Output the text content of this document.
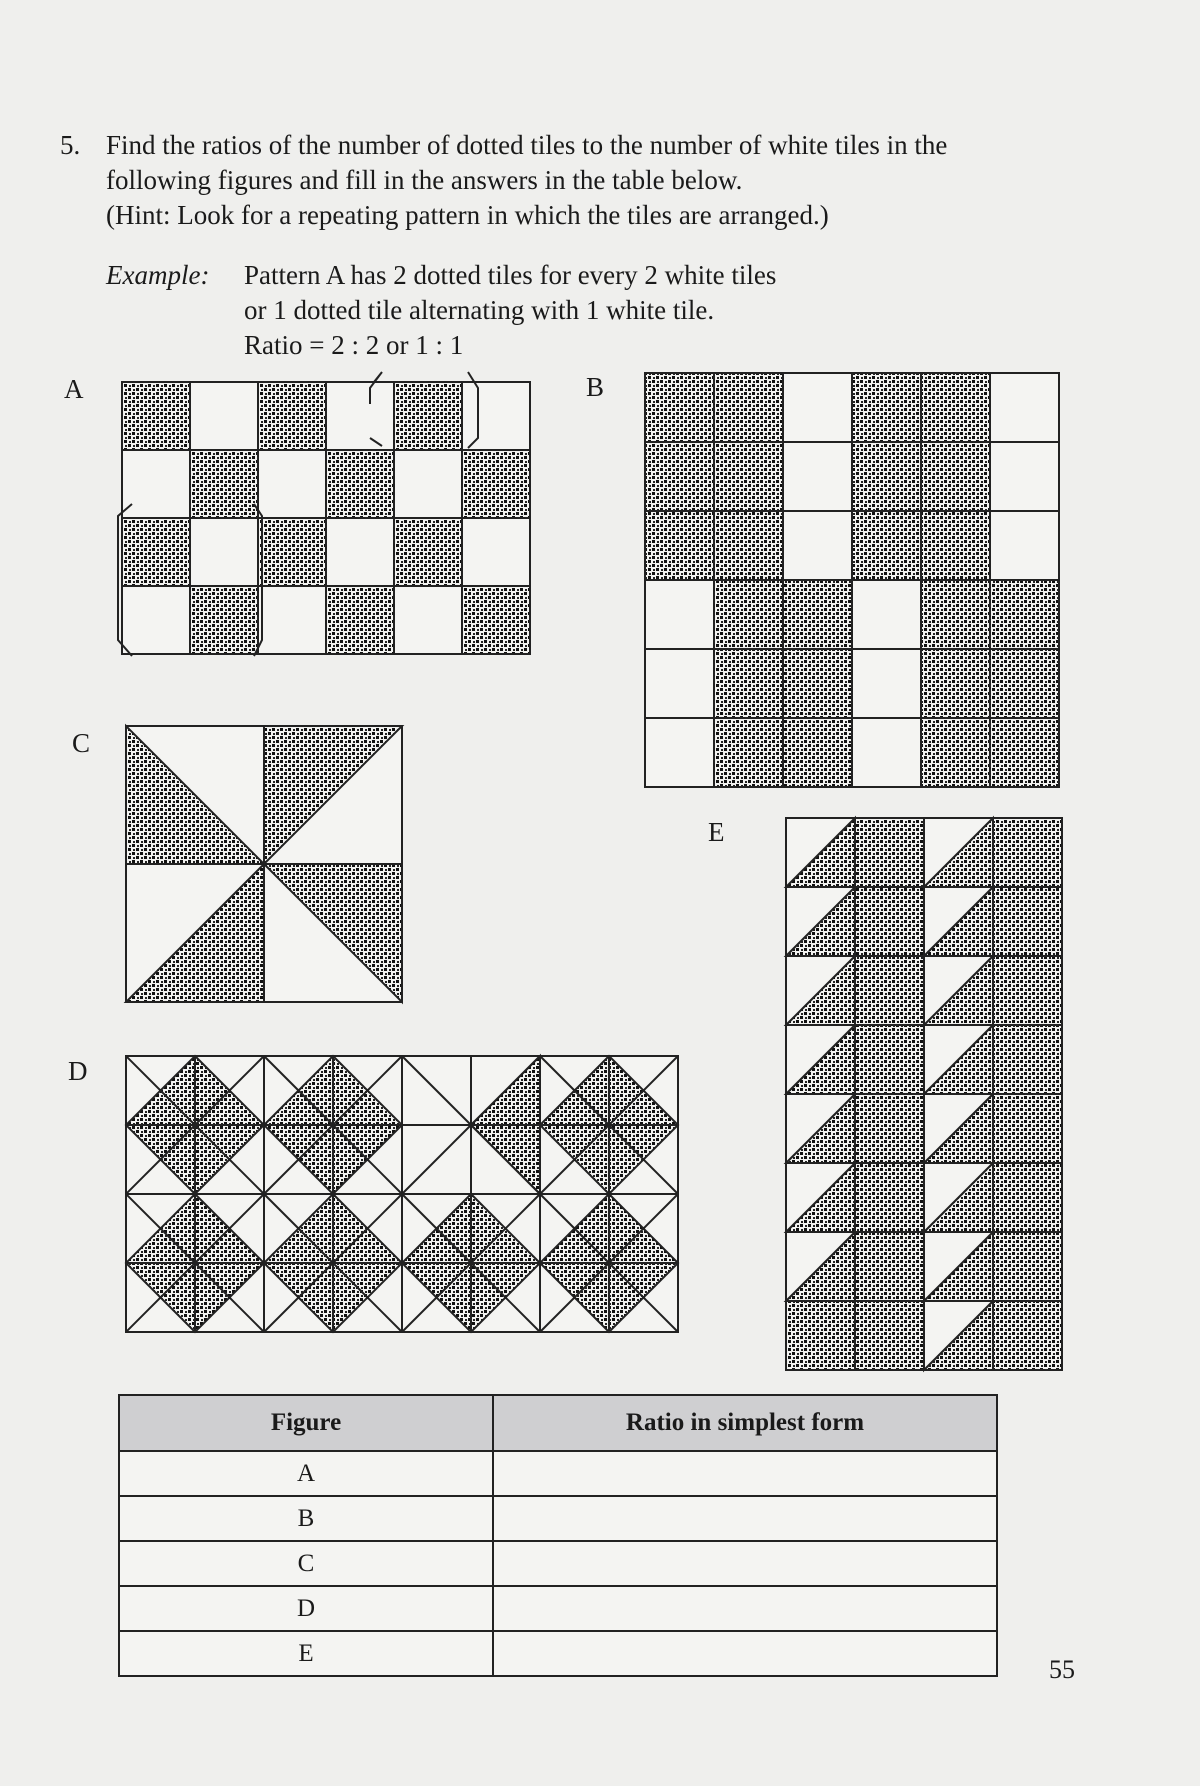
5. Find the ratios of the number of dotted tiles to the number of white tiles in the
following figures and fill in the answers in the table below.
(Hint: Look for a repeating pattern in which the tiles are arranged.)
Example: Pattern A has 2 dotted tiles for every 2 white tiles
or 1 dotted tile alternating with 1 white tile.
Ratio = 2 : 2 or 1 : 1
A	B
C
E
D
Figure	Ratio in simplest form
A	
B	
C	
D	
E	
55
